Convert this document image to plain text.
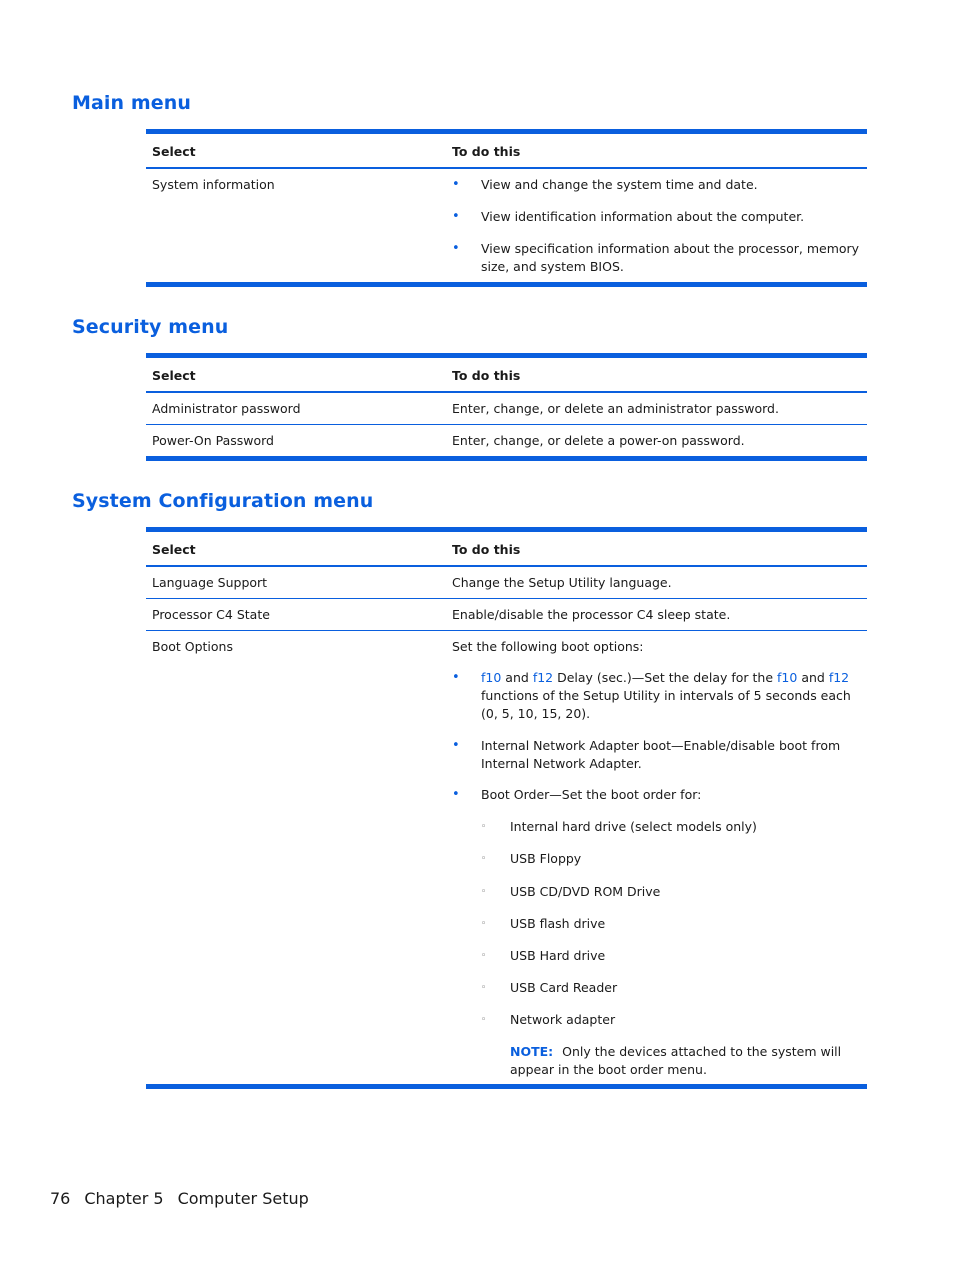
Main menu
Select	To do this
System information	• View and change the system time and date.
• View identification information about the computer.
• View specification information about the processor, memory size, and system BIOS.
Security menu
Select	To do this
Administrator password	Enter, change, or delete an administrator password.
Power-On Password	Enter, change, or delete a power-on password.
System Configuration menu
Select	To do this
Language Support	Change the Setup Utility language.
Processor C4 State	Enable/disable the processor C4 sleep state.
Boot Options	Set the following boot options:
• f10 and f12 Delay (sec.)—Set the delay for the f10 and f12 functions of the Setup Utility in intervals of 5 seconds each (0, 5, 10, 15, 20).
• Internal Network Adapter boot—Enable/disable boot from Internal Network Adapter.
• Boot Order—Set the boot order for:
◦ Internal hard drive (select models only)
◦ USB Floppy
◦ USB CD/DVD ROM Drive
◦ USB flash drive
◦ USB Hard drive
◦ USB Card Reader
◦ Network adapter
NOTE: Only the devices attached to the system will appear in the boot order menu.
76 Chapter 5 Computer Setup
